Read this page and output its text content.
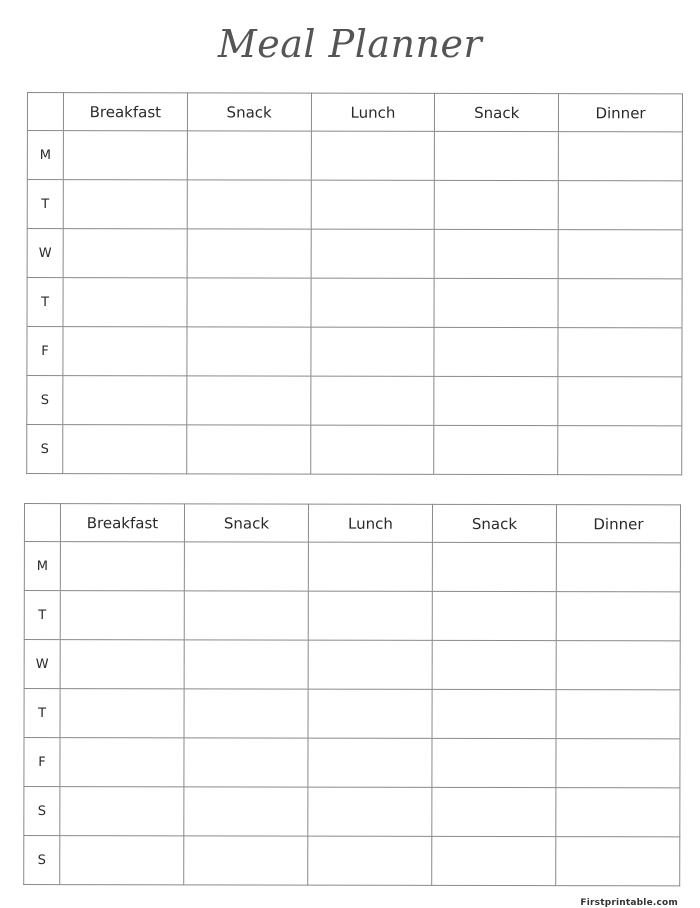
Meal Planner
	Breakfast	Snack	Lunch	Snack	Dinner
M					
T					
W					
T					
F					
S					
S					
	Breakfast	Snack	Lunch	Snack	Dinner
M					
T					
W					
T					
F					
S					
S					
Firstprintable.com
